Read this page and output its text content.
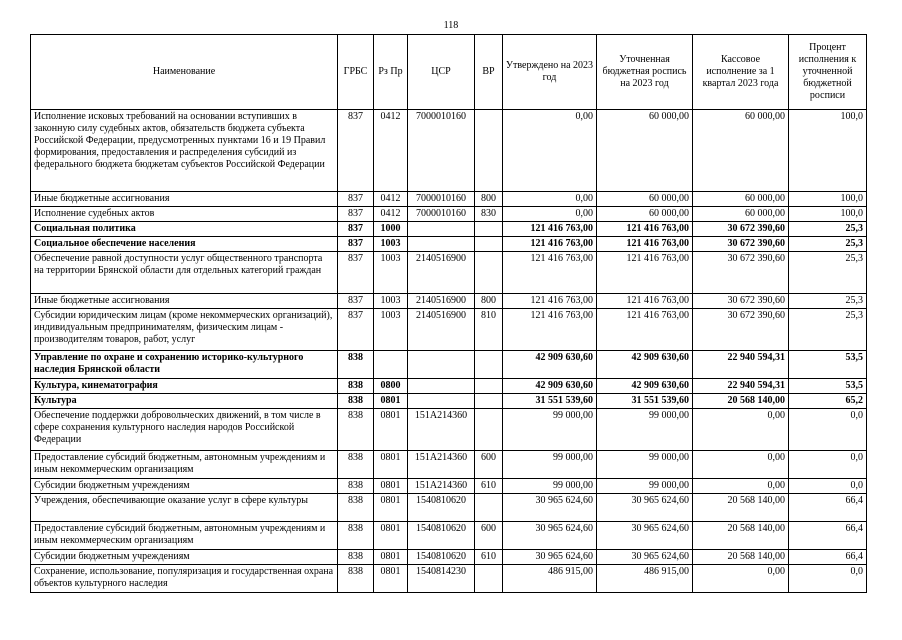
118
Наименование	ГРБС	Рз Пр	ЦСР	ВР	Утверждено на 2023 год	Уточненная бюджетная роспись на 2023 год	Кассовое исполнение за 1 квартал 2023 года	Процент исполнения к уточненной бюджетной росписи
Исполнение исковых требований на основании вступивших в законную силу судебных актов, обязательств бюджета субъекта Российской Федерации, предусмотренных пунктами 16 и 19 Правил формирования, предоставления и распределения субсидий из федерального бюджета бюджетам субъектов Российской Федерации	837	0412	7000010160		0,00	60 000,00	60 000,00	100,0
Иные бюджетные ассигнования	837	0412	7000010160	800	0,00	60 000,00	60 000,00	100,0
Исполнение судебных актов	837	0412	7000010160	830	0,00	60 000,00	60 000,00	100,0
Социальная политика	837	1000			121 416 763,00	121 416 763,00	30 672 390,60	25,3
Социальное обеспечение населения	837	1003			121 416 763,00	121 416 763,00	30 672 390,60	25,3
Обеспечение равной доступности услуг общественного транспорта на территории Брянской области для отдельных категорий граждан	837	1003	2140516900		121 416 763,00	121 416 763,00	30 672 390,60	25,3
Иные бюджетные ассигнования	837	1003	2140516900	800	121 416 763,00	121 416 763,00	30 672 390,60	25,3
Субсидии юридическим лицам (кроме некоммерческих организаций), индивидуальным предпринимателям, физическим лицам - производителям товаров, работ, услуг	837	1003	2140516900	810	121 416 763,00	121 416 763,00	30 672 390,60	25,3
Управление по охране и сохранению историко-культурного наследия Брянской области	838				42 909 630,60	42 909 630,60	22 940 594,31	53,5
Культура, кинематография	838	0800			42 909 630,60	42 909 630,60	22 940 594,31	53,5
Культура	838	0801			31 551 539,60	31 551 539,60	20 568 140,00	65,2
Обеспечение поддержки добровольческих движений, в том числе в сфере сохранения культурного наследия народов Российской Федерации	838	0801	151A214360		99 000,00	99 000,00	0,00	0,0
Предоставление субсидий бюджетным, автономным учреждениям и иным некоммерческим организациям	838	0801	151A214360	600	99 000,00	99 000,00	0,00	0,0
Субсидии бюджетным учреждениям	838	0801	151A214360	610	99 000,00	99 000,00	0,00	0,0
Учреждения, обеспечивающие оказание услуг в сфере культуры	838	0801	1540810620		30 965 624,60	30 965 624,60	20 568 140,00	66,4
Предоставление субсидий бюджетным, автономным учреждениям и иным некоммерческим организациям	838	0801	1540810620	600	30 965 624,60	30 965 624,60	20 568 140,00	66,4
Субсидии бюджетным учреждениям	838	0801	1540810620	610	30 965 624,60	30 965 624,60	20 568 140,00	66,4
Сохранение, использование, популяризация и государственная охрана объектов культурного наследия	838	0801	1540814230		486 915,00	486 915,00	0,00	0,0
